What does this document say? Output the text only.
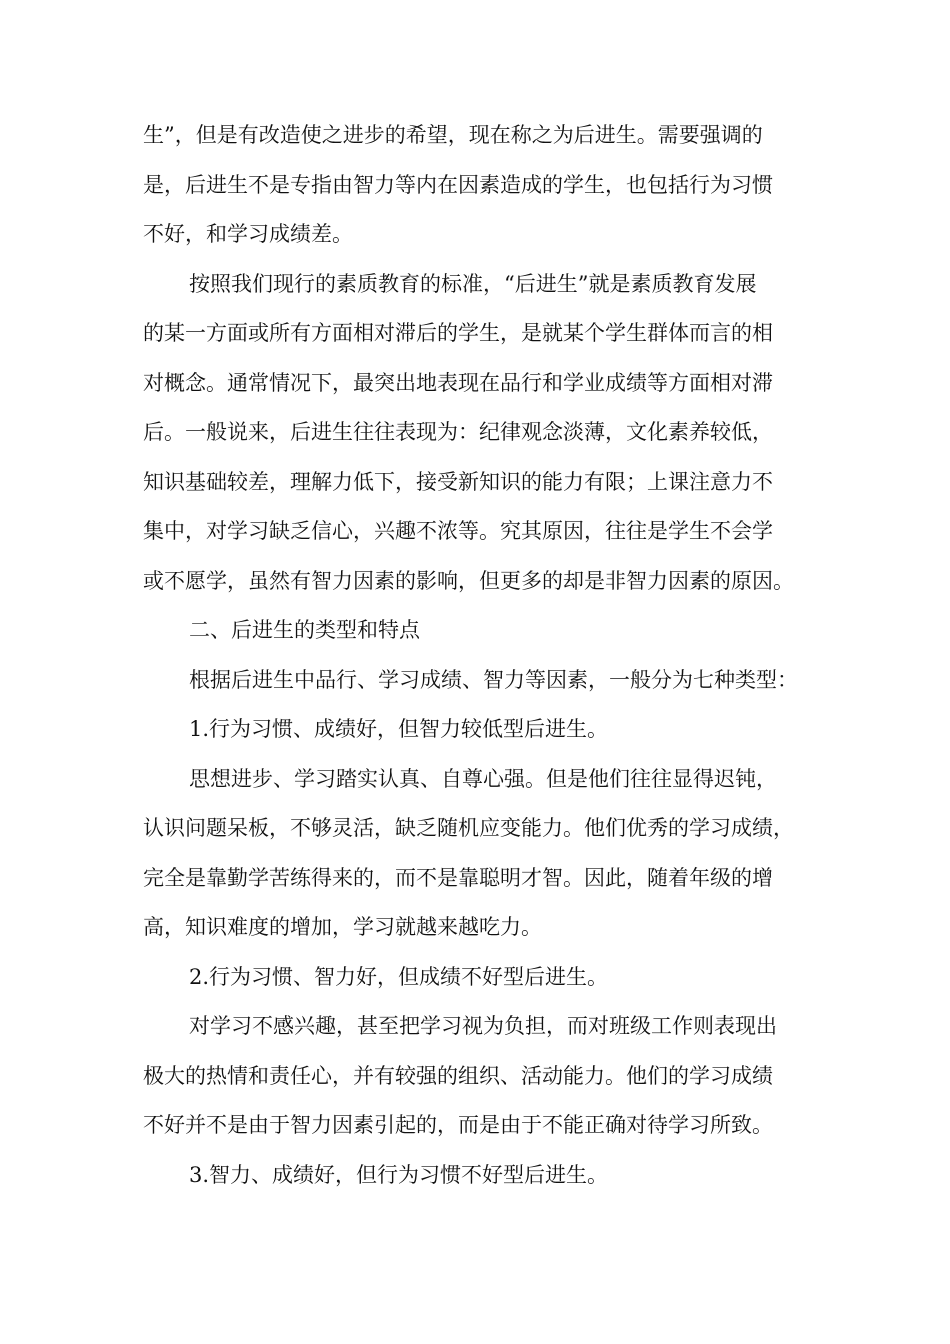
生”，但是有改造使之进步的希望，现在称之为后进生。需要强调的
是，后进生不是专指由智力等内在因素造成的学生，也包括行为习惯
不好，和学习成绩差。
按照我们现行的素质教育的标准，“后进生”就是素质教育发展
的某一方面或所有方面相对滞后的学生，是就某个学生群体而言的相
对概念。通常情况下，最突出地表现在品行和学业成绩等方面相对滞
后。一般说来，后进生往往表现为：纪律观念淡薄，文化素养较低，
知识基础较差，理解力低下，接受新知识的能力有限；上课注意力不
集中，对学习缺乏信心，兴趣不浓等。究其原因，往往是学生不会学
或不愿学，虽然有智力因素的影响，但更多的却是非智力因素的原因。
二、后进生的类型和特点
根据后进生中品行、学习成绩、智力等因素，一般分为七种类型：
1.行为习惯、成绩好，但智力较低型后进生。
思想进步、学习踏实认真、自尊心强。但是他们往往显得迟钝，
认识问题呆板，不够灵活，缺乏随机应变能力。他们优秀的学习成绩，
完全是靠勤学苦练得来的，而不是靠聪明才智。因此，随着年级的增
高，知识难度的增加，学习就越来越吃力。
2.行为习惯、智力好，但成绩不好型后进生。
对学习不感兴趣，甚至把学习视为负担，而对班级工作则表现出
极大的热情和责任心，并有较强的组织、活动能力。他们的学习成绩
不好并不是由于智力因素引起的，而是由于不能正确对待学习所致。
3.智力、成绩好，但行为习惯不好型后进生。
